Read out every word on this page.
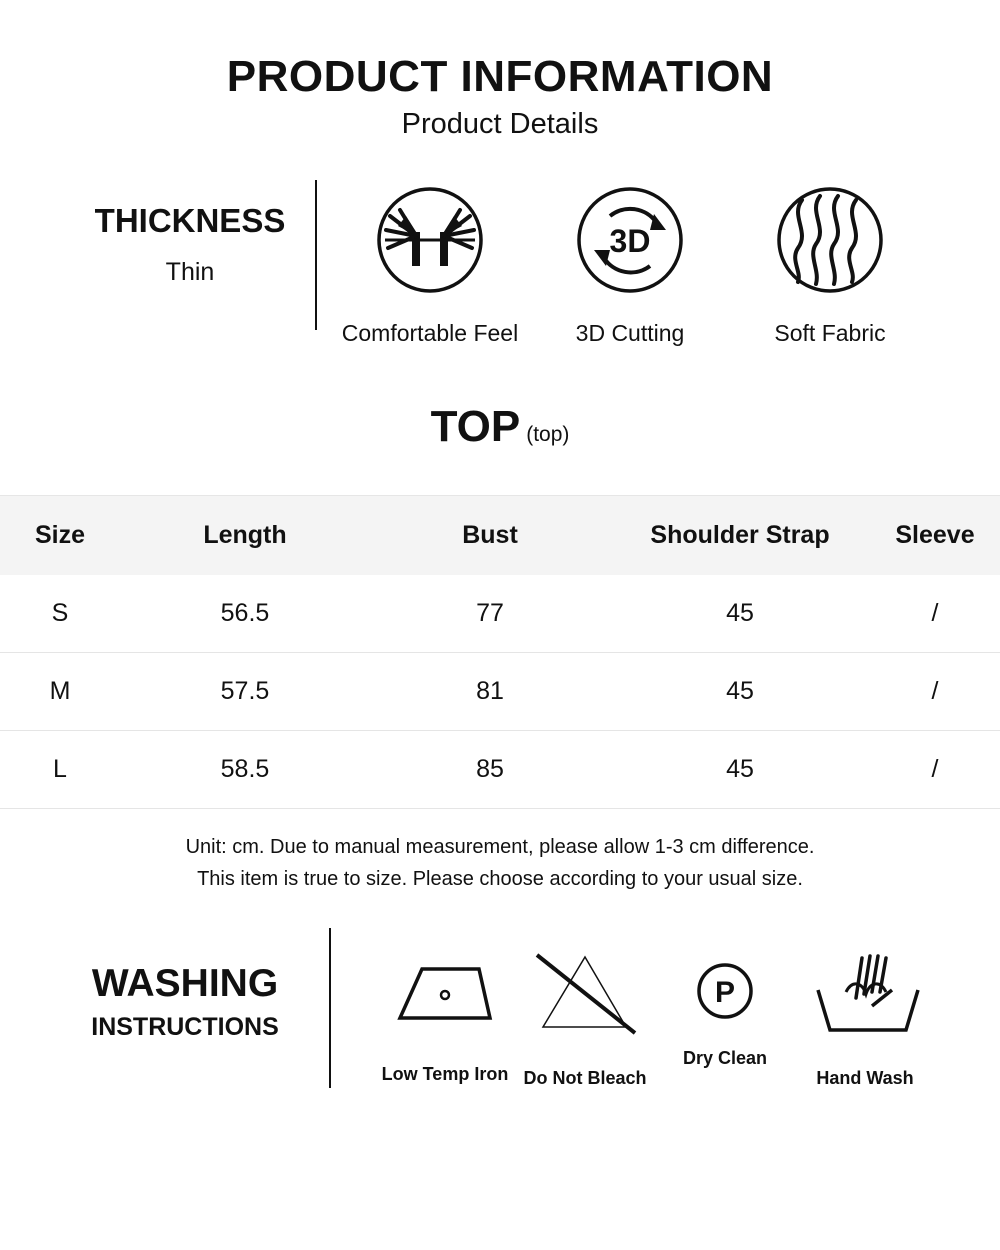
PRODUCT INFORMATION
Product Details
THICKNESS
Thin
Comfortable Feel
3D
3D Cutting	Soft Fabric
TOP (top)
Size	Length	Bust	Shoulder Strap	Sleeve
S	56.5	77	45	/
M	57.5	81	45	/
L	58.5	85	45	/
Unit: cm. Due to manual measurement, please allow 1-3 cm difference.
This item is true to size. Please choose according to your usual size.
WASHING
INSTRUCTIONS
Low Temp Iron Do Not Bleach
P
Dry Clean
Hand Wash
